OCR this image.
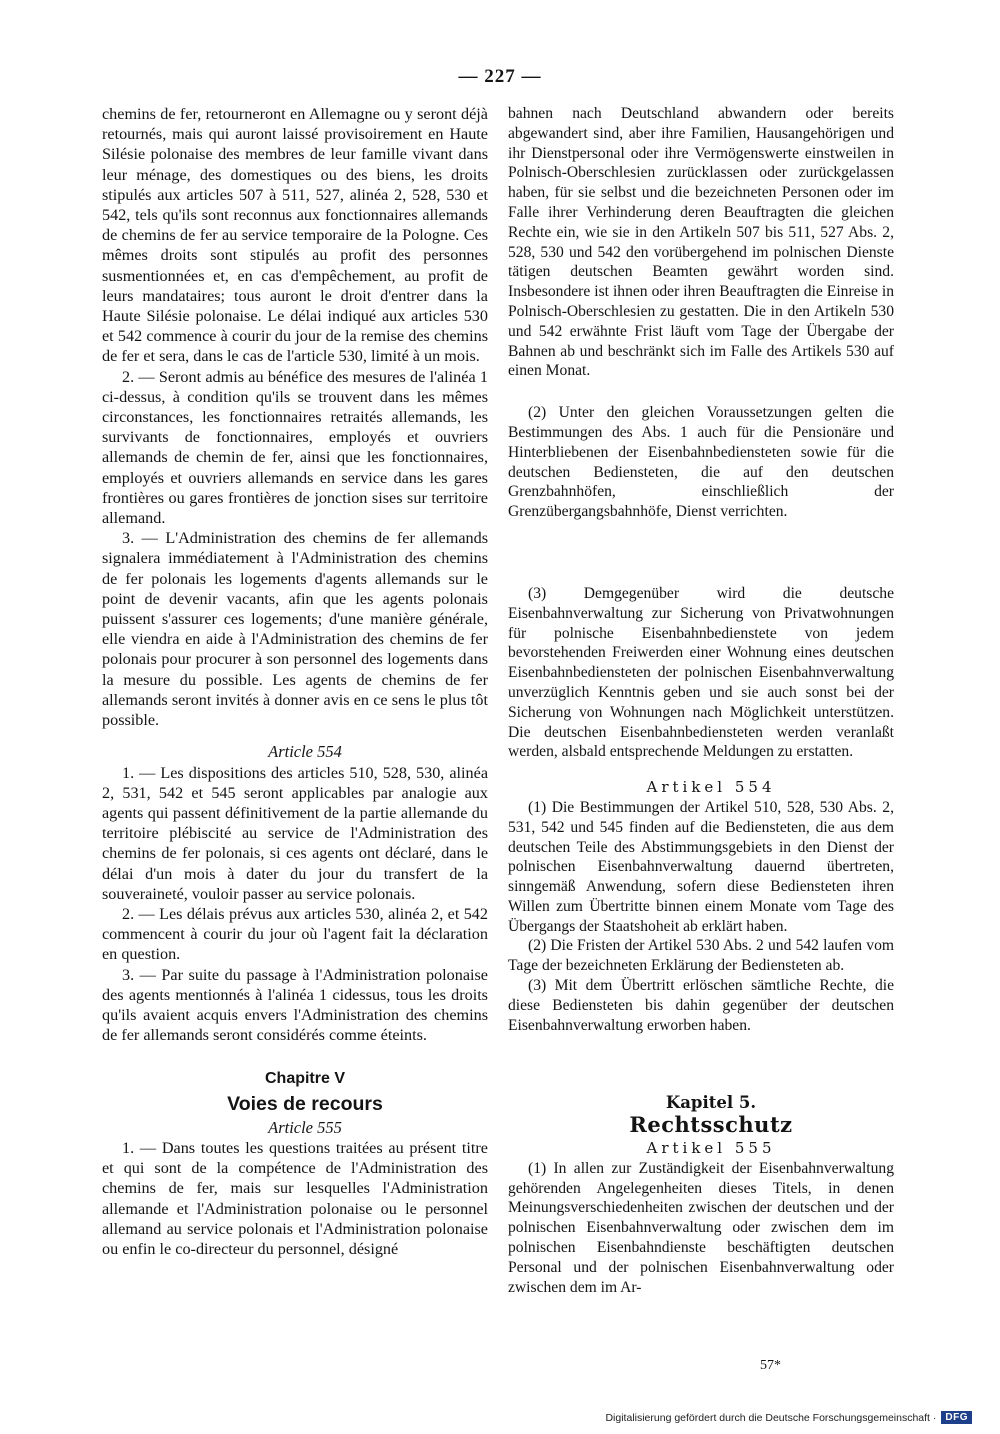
— 227 —

chemins de fer, retourneront en Allemagne ou y seront déjà retournés, mais qui auront laissé provisoirement en Haute Silésie polonaise des membres de leur famille vivant dans leur ménage, des domestiques ou des biens, les droits stipulés aux articles 507 à 511, 527, alinéa 2, 528, 530 et 542, tels qu'ils sont reconnus aux fonctionnaires allemands de chemins de fer au service temporaire de la Pologne. Ces mêmes droits sont stipulés au profit des personnes susmentionnées et, en cas d'empêchement, au profit de leurs mandataires; tous auront le droit d'entrer dans la Haute Silésie polonaise. Le délai indiqué aux articles 530 et 542 commence à courir du jour de la remise des chemins de fer et sera, dans le cas de l'article 530, limité à un mois.

2. — Seront admis au bénéfice des mesures de l'alinéa 1 ci-dessus, à condition qu'ils se trouvent dans les mêmes circonstances, les fonctionnaires retraités allemands, les survivants de fonctionnaires, employés et ouvriers allemands de chemin de fer, ainsi que les fonctionnaires, employés et ouvriers allemands en service dans les gares frontières ou gares frontières de jonction sises sur territoire allemand.

3. — L'Administration des chemins de fer allemands signalera immédiatement à l'Administration des chemins de fer polonais les logements d'agents allemands sur le point de devenir vacants, afin que les agents polonais puissent s'assurer ces logements; d'une manière générale, elle viendra en aide à l'Administration des chemins de fer polonais pour procurer à son personnel des logements dans la mesure du possible. Les agents de chemins de fer allemands seront invités à donner avis en ce sens le plus tôt possible.

Article 554

1. — Les dispositions des articles 510, 528, 530, alinéa 2, 531, 542 et 545 seront applicables par analogie aux agents qui passent définitivement de la partie allemande du territoire plébiscité au service de l'Administration des chemins de fer polonais, si ces agents ont déclaré, dans le délai d'un mois à dater du jour du transfert de la souveraineté, vouloir passer au service polonais.

2. — Les délais prévus aux articles 530, alinéa 2, et 542 commencent à courir du jour où l'agent fait la déclaration en question.

3. — Par suite du passage à l'Administration polonaise des agents mentionnés à l'alinéa 1 cidessus, tous les droits qu'ils avaient acquis envers l'Administration des chemins de fer allemands seront considérés comme éteints.

Chapitre V

Voies de recours

Article 555

1. — Dans toutes les questions traitées au présent titre et qui sont de la compétence de l'Administration des chemins de fer, mais sur lesquelles l'Administration allemande et l'Administration polonaise ou le personnel allemand au service polonais et l'Administration polonaise ou enfin le co-directeur du personnel, désigné

bahnen nach Deutschland abwandern oder bereits abgewandert sind, aber ihre Familien, Hausangehörigen und ihr Dienstpersonal oder ihre Vermögenswerte einstweilen in Polnisch-Oberschlesien zurücklassen oder zurückgelassen haben, für sie selbst und die bezeichneten Personen oder im Falle ihrer Verhinderung deren Beauftragten die gleichen Rechte ein, wie sie in den Artikeln 507 bis 511, 527 Abs. 2, 528, 530 und 542 den vorübergehend im polnischen Dienste tätigen deutschen Beamten gewährt worden sind. Insbesondere ist ihnen oder ihren Beauftragten die Einreise in Polnisch-Oberschlesien zu gestatten. Die in den Artikeln 530 und 542 erwähnte Frist läuft vom Tage der Übergabe der Bahnen ab und beschränkt sich im Falle des Artikels 530 auf einen Monat.

(2) Unter den gleichen Voraussetzungen gelten die Bestimmungen des Abs. 1 auch für die Pensionäre und Hinterbliebenen der Eisenbahnbediensteten sowie für die deutschen Bediensteten, die auf den deutschen Grenzbahnhöfen, einschließlich der Grenzübergangsbahnhöfe, Dienst verrichten.

(3) Demgegenüber wird die deutsche Eisenbahnverwaltung zur Sicherung von Privatwohnungen für polnische Eisenbahnbedienstete von jedem bevorstehenden Freiwerden einer Wohnung eines deutschen Eisenbahnbediensteten der polnischen Eisenbahnverwaltung unverzüglich Kenntnis geben und sie auch sonst bei der Sicherung von Wohnungen nach Möglichkeit unterstützen. Die deutschen Eisenbahnbediensteten werden veranlaßt werden, alsbald entsprechende Meldungen zu erstatten.

Artikel 554

(1) Die Bestimmungen der Artikel 510, 528, 530 Abs. 2, 531, 542 und 545 finden auf die Bediensteten, die aus dem deutschen Teile des Abstimmungsgebiets in den Dienst der polnischen Eisenbahnverwaltung dauernd übertreten, sinngemäß Anwendung, sofern diese Bediensteten ihren Willen zum Übertritte binnen einem Monate vom Tage des Übergangs der Staatshoheit ab erklärt haben.

(2) Die Fristen der Artikel 530 Abs. 2 und 542 laufen vom Tage der bezeichneten Erklärung der Bediensteten ab.

(3) Mit dem Übertritt erlöschen sämtliche Rechte, die diese Bediensteten bis dahin gegenüber der deutschen Eisenbahnverwaltung erworben haben.

Kapitel 5.

Rechtsschutz

Artikel 555

(1) In allen zur Zuständigkeit der Eisenbahnverwaltung gehörenden Angelegenheiten dieses Titels, in denen Meinungsverschiedenheiten zwischen der deutschen und der polnischen Eisenbahnverwaltung oder zwischen dem im polnischen Eisenbahndienste beschäftigten deutschen Personal und der polnischen Eisenbahnverwaltung oder zwischen dem im Ar-

57*
Digitalisierung gefördert durch die Deutsche Forschungsgemeinschaft · DFG
